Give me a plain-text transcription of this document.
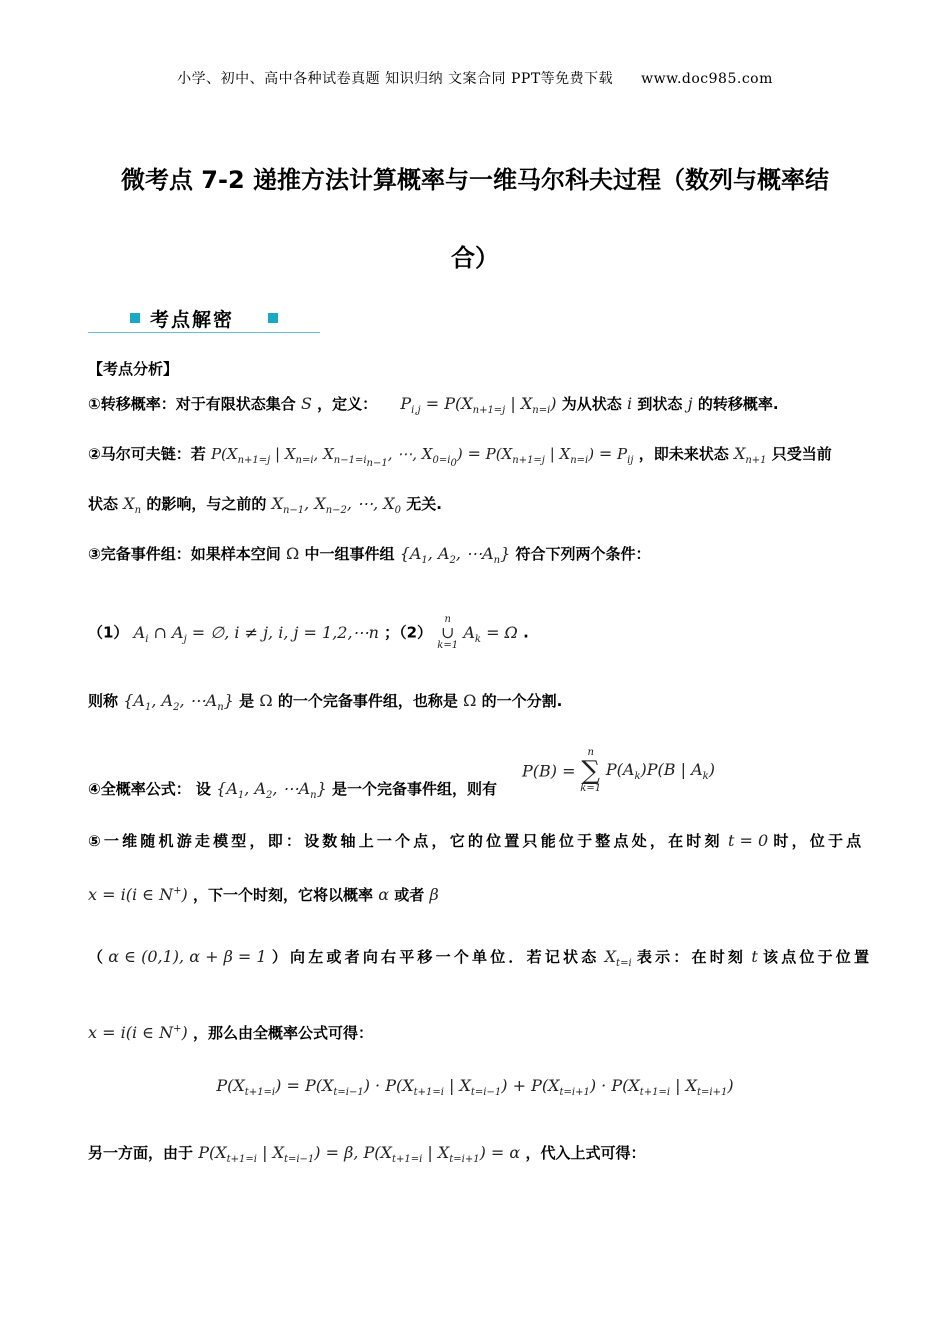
小学、初中、高中各种试卷真题 知识归纳 文案合同 PPT等免费下载 www.doc985.com
微考点 7-2 递推方法计算概率与一维马尔科夫过程（数列与概率结
合）
考点解密
【考点分析】
①转移概率：对于有限状态集合 S ，定义： $P_{i,j} = P(X_{n+1=j}$ | $X_{n=i}$) 为从状态 i 到状态 j 的转移概率.
②马尔可夫链：若 $P(X_{n+1=j}$ | $X_{n=i}$, $X_{n-1=i_{n-1}}$, ⋯, $X_{0=i_0}) = P(X_{n+1=j}$ | $X_{n=i}) = P_{ij}$ ，即未来状态 $X_{n+1}$ 只受当前
状态 $X_n$ 的影响，与之前的 $X_{n-1}$, $X_{n-2}$, ⋯, $X_0$ 无关.
③完备事件组：如果样本空间 Ω 中一组事件组 {$A_1$, $A_2$, $\cdots A_n$} 符合下列两个条件：
（1） $A_i$ ∩ $A_j$ = ∅, i ≠ j, i, j = 1,2,⋯n ；（2）
n
∪
k=1
$A_k = \Omega$ .
则称 {$A_1$, $A_2$, $\cdots A_n$} 是 Ω 的一个完备事件组，也称是 Ω 的一个分割.
④全概率公式： 设 {$A_1$, $A_2$, $\cdots A_n$} 是一个完备事件组，则有
P(B) =
n
∑
k=1
$P(A_k)P(B$ | $A_k$)
⑤一维随机游走模型，即：设数轴上一个点，它的位置只能位于整点处，在时刻 t = 0 时，位于点
x = i(i ∈ N+) ，下一个时刻，它将以概率 α 或者 β
（ α ∈ (0,1), α + β = 1 ）向左或者向右平移一个单位．若记状态 $X_{t=i}$ 表示：在时刻 t 该点位于位置
x = i(i ∈ N+) ，那么由全概率公式可得：
$P(X_{t+1=i}) = P(X_{t=i-1}) \cdot P(X_{t+1=i}$ | $X_{t=i-1}) + P(X_{t=i+1}) \cdot P(X_{t+1=i}$ | $X_{t=i+1}$)
另一方面，由于 $P(X_{t+1=i}$ | $X_{t=i-1}) = \beta$, $P(X_{t+1=i}$ | $X_{t=i+1}) = \alpha$ ，代入上式可得：
